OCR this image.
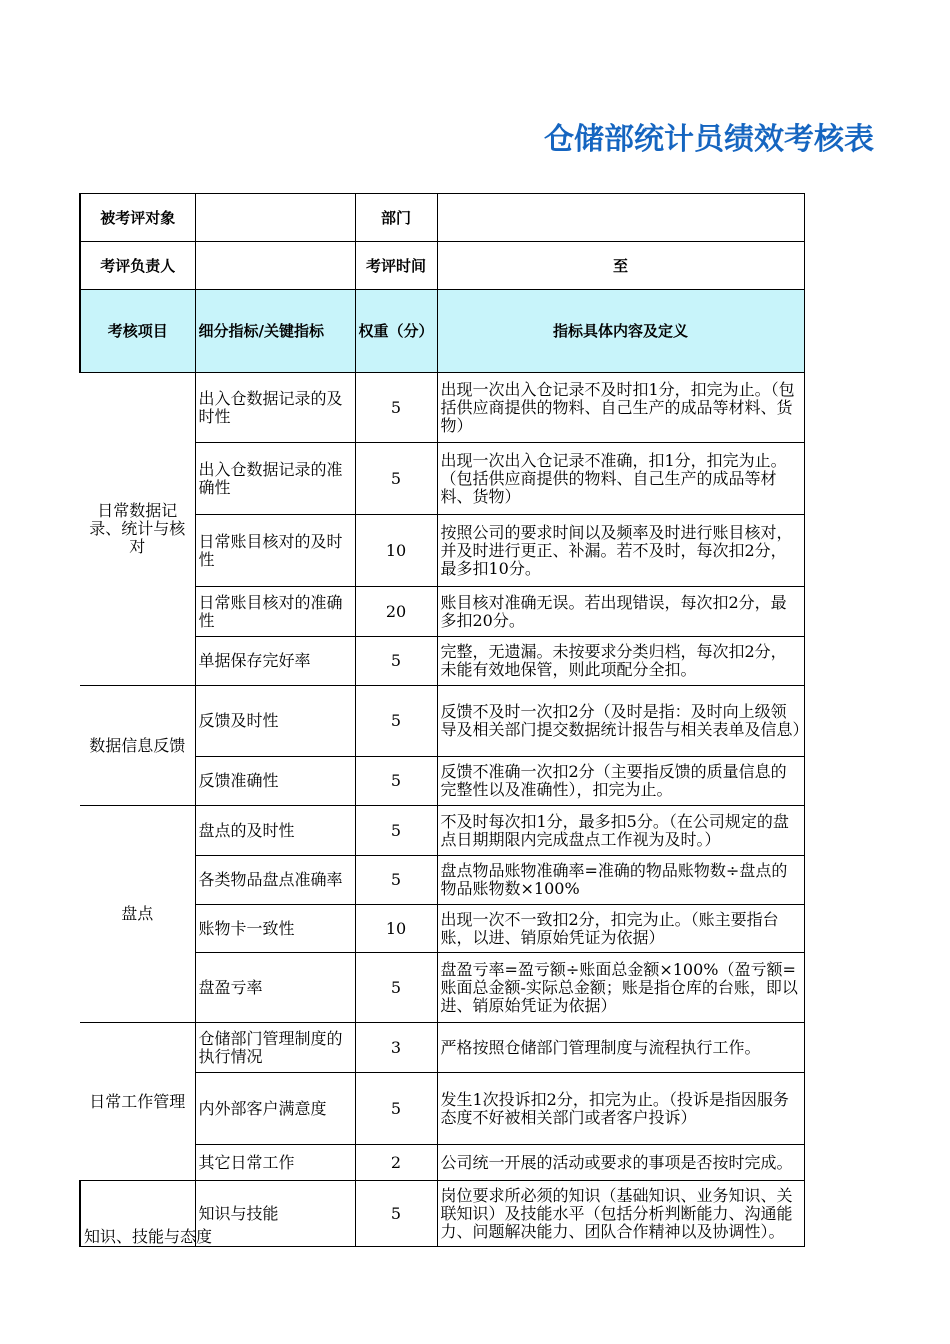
仓储部统计员绩效考核表
被考评对象		部门	
考评负责人		考评时间	至
考核项目	细分指标/关键指标	权重（分）	指标具体内容及定义
日常数据记录、统计与核对	出入仓数据记录的及时性	5	出现一次出入仓记录不及时扣1分，扣完为止。（包括供应商提供的物料、自己生产的成品等材料、货物）
	出入仓数据记录的准确性	5	出现一次出入仓记录不准确，扣1分，扣完为止。（包括供应商提供的物料、自己生产的成品等材料、货物）
	日常账目核对的及时性	10	按照公司的要求时间以及频率及时进行账目核对，并及时进行更正、补漏。若不及时，每次扣2分，最多扣10分。
	日常账目核对的准确性	20	账目核对准确无误。若出现错误，每次扣2分，最多扣20分。
	单据保存完好率	5	完整，无遗漏。未按要求分类归档，每次扣2分，未能有效地保管，则此项配分全扣。
数据信息反馈	反馈及时性	5	反馈不及时一次扣2分（及时是指：及时向上级领导及相关部门提交数据统计报告与相关表单及信息）
	反馈准确性	5	反馈不准确一次扣2分（主要指反馈的质量信息的完整性以及准确性），扣完为止。
盘点	盘点的及时性	5	不及时每次扣1分，最多扣5分。（在公司规定的盘点日期期限内完成盘点工作视为及时。）
	各类物品盘点准确率	5	盘点物品账物准确率=准确的物品账物数÷盘点的物品账物数×100%
	账物卡一致性	10	出现一次不一致扣2分，扣完为止。（账主要指台账，以进、销原始凭证为依据）
	盘盈亏率	5	盘盈亏率=盈亏额÷账面总金额×100%（盈亏额=账面总金额-实际总金额；账是指仓库的台账，即以进、销原始凭证为依据）
日常工作管理	仓储部门管理制度的执行情况	3	严格按照仓储部门管理制度与流程执行工作。
	内外部客户满意度	5	发生1次投诉扣2分，扣完为止。（投诉是指因服务态度不好被相关部门或者客户投诉）
	其它日常工作	2	公司统一开展的活动或要求的事项是否按时完成。
知识、技能与态度	知识与技能	5	岗位要求所必须的知识（基础知识、业务知识、关联知识）及技能水平（包括分析判断能力、沟通能力、问题解决能力、团队合作精神以及协调性）。
